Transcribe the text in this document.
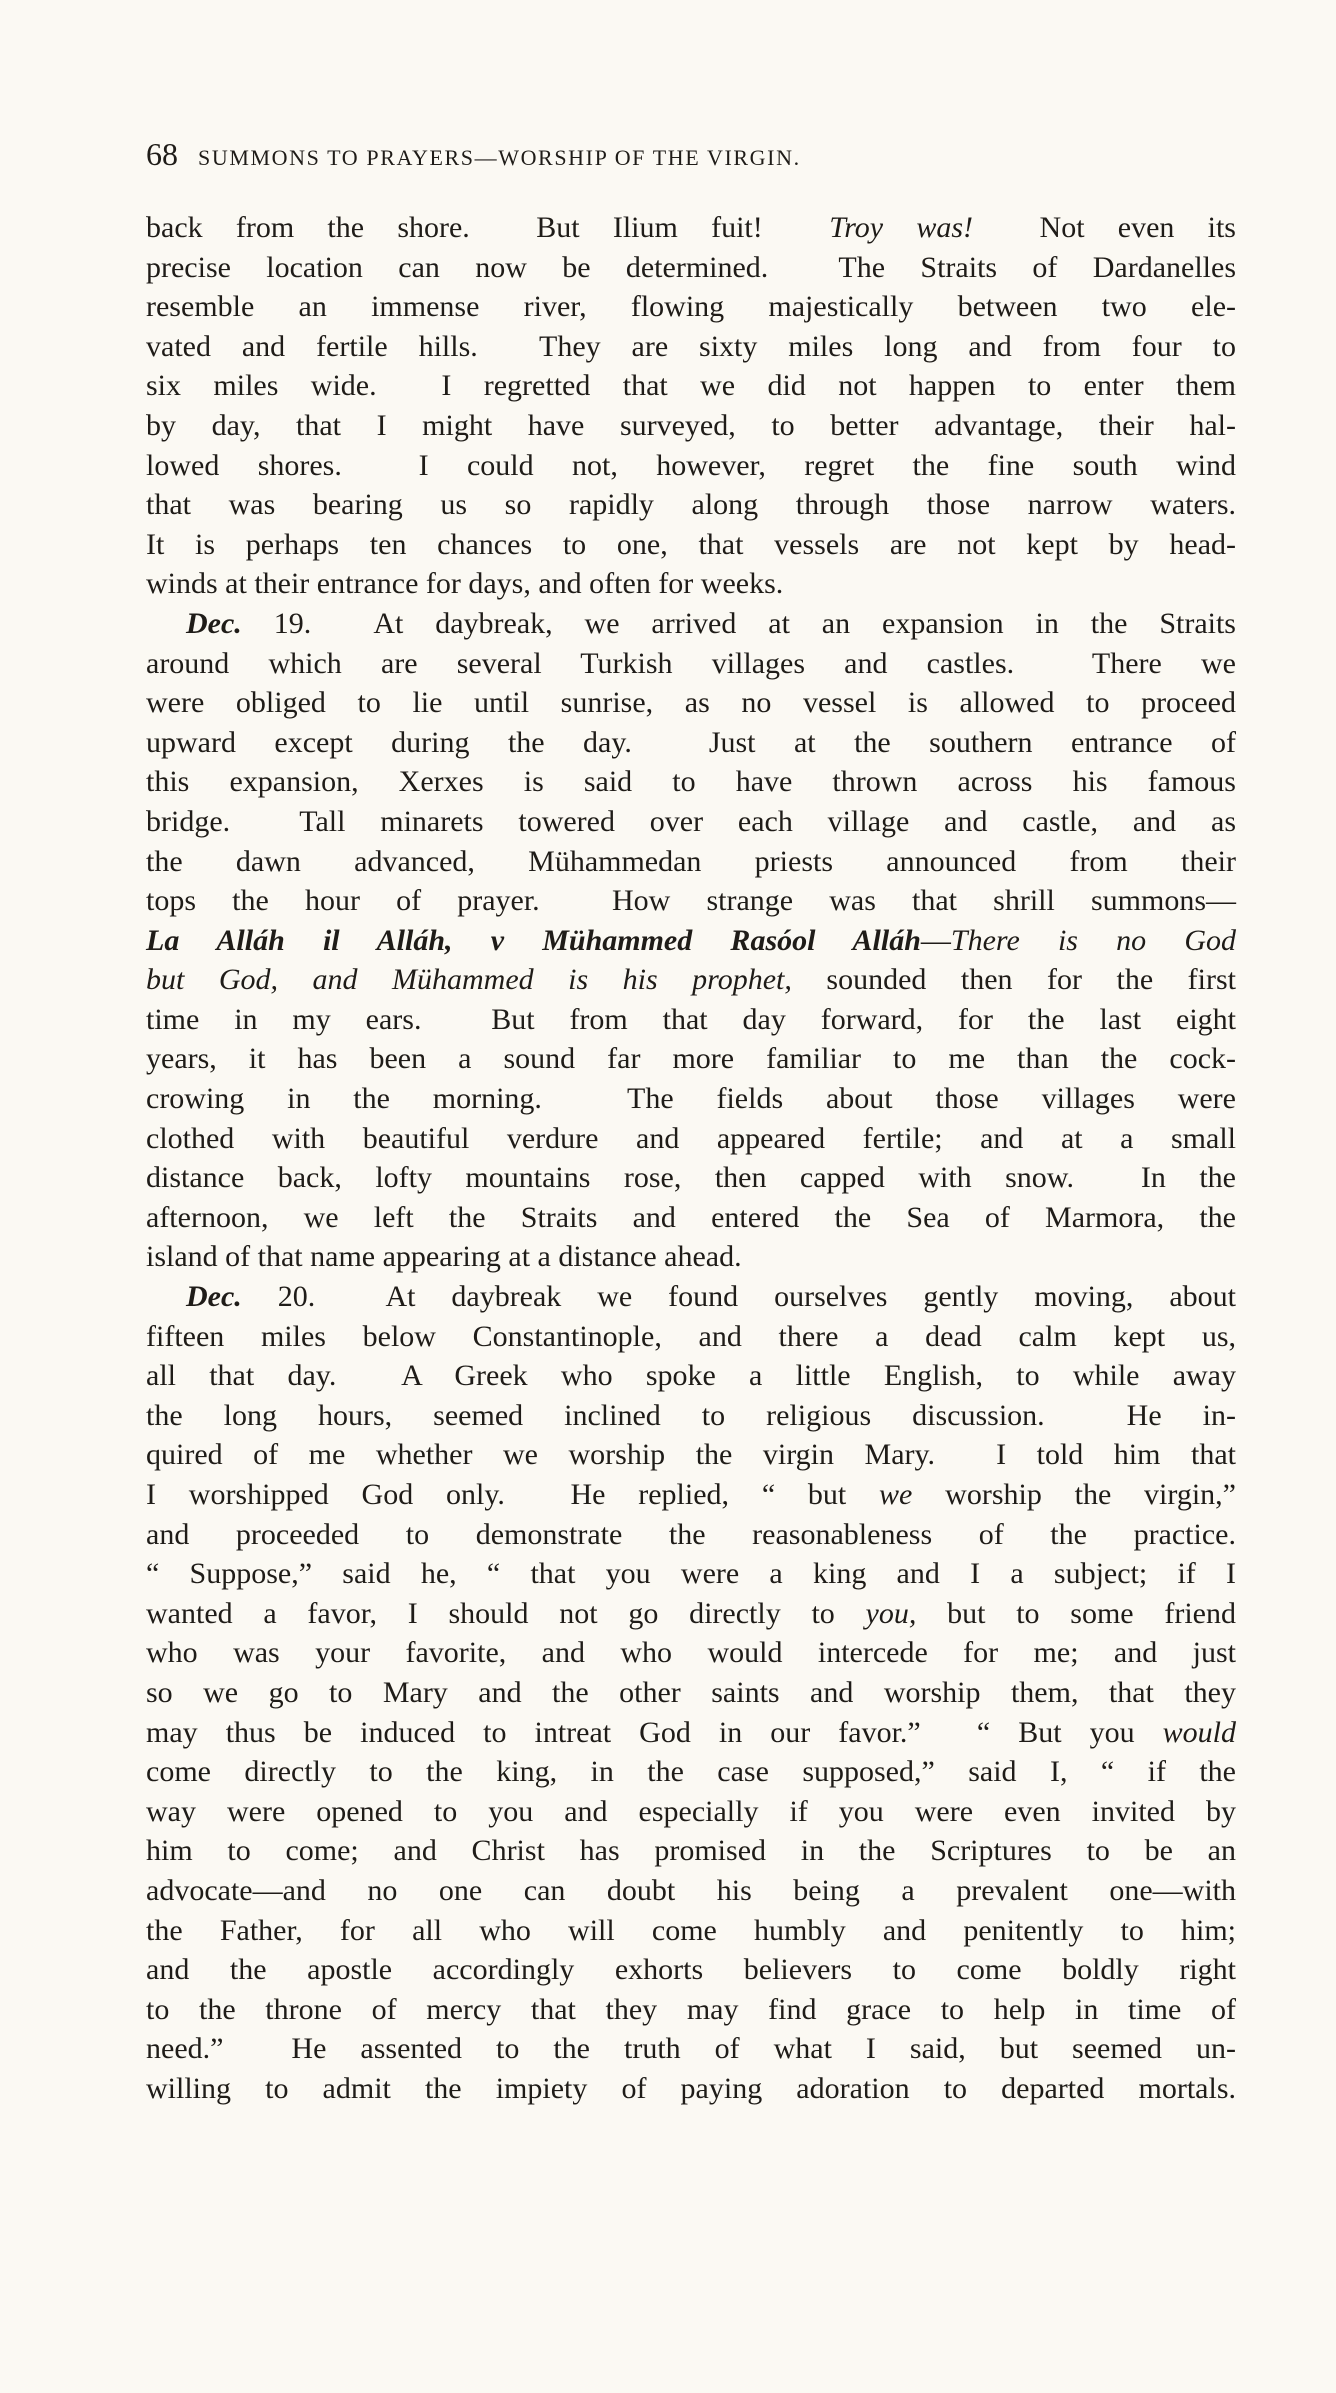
68 SUMMONS TO PRAYERS—WORSHIP OF THE VIRGIN.
back from the shore.  But Ilium fuit!  Troy was!  Not even its
precise location can now be determined.  The Straits of Dardanelles
resemble an immense river, flowing majestically between two ele-
vated and fertile hills.  They are sixty miles long and from four to
six miles wide.  I regretted that we did not happen to enter them
by day, that I might have surveyed, to better advantage, their hal-
lowed shores.  I could not, however, regret the fine south wind
that was bearing us so rapidly along through those narrow waters.
It is perhaps ten chances to one, that vessels are not kept by head-
winds at their entrance for days, and often for weeks.
Dec. 19.  At daybreak, we arrived at an expansion in the Straits
around which are several Turkish villages and castles.  There we
were obliged to lie until sunrise, as no vessel is allowed to proceed
upward except during the day.  Just at the southern entrance of
this expansion, Xerxes is said to have thrown across his famous
bridge.  Tall minarets towered over each village and castle, and as
the dawn advanced, Mühammedan priests announced from their
tops the hour of prayer.  How strange was that shrill summons—
La Alláh il Alláh, v Mühammed Rasóol Alláh—There is no God
but God, and Mühammed is his prophet, sounded then for the first
time in my ears.  But from that day forward, for the last eight
years, it has been a sound far more familiar to me than the cock-
crowing in the morning.  The fields about those villages were
clothed with beautiful verdure and appeared fertile; and at a small
distance back, lofty mountains rose, then capped with snow.  In the
afternoon, we left the Straits and entered the Sea of Marmora, the
island of that name appearing at a distance ahead.
Dec. 20.  At daybreak we found ourselves gently moving, about
fifteen miles below Constantinople, and there a dead calm kept us,
all that day.  A Greek who spoke a little English, to while away
the long hours, seemed inclined to religious discussion.  He in-
quired of me whether we worship the virgin Mary.  I told him that
I worshipped God only.  He replied, “ but we worship the virgin,”
and proceeded to demonstrate the reasonableness of the practice.
“ Suppose,” said he, “ that you were a king and I a subject; if I
wanted a favor, I should not go directly to you, but to some friend
who was your favorite, and who would intercede for me; and just
so we go to Mary and the other saints and worship them, that they
may thus be induced to intreat God in our favor.”  “ But you would
come directly to the king, in the case supposed,” said I, “ if the
way were opened to you and especially if you were even invited by
him to come; and Christ has promised in the Scriptures to be an
advocate—and no one can doubt his being a prevalent one—with
the Father, for all who will come humbly and penitently to him;
and the apostle accordingly exhorts believers to come boldly right
to the throne of mercy that they may find grace to help in time of
need.”  He assented to the truth of what I said, but seemed un-
willing to admit the impiety of paying adoration to departed mortals.
